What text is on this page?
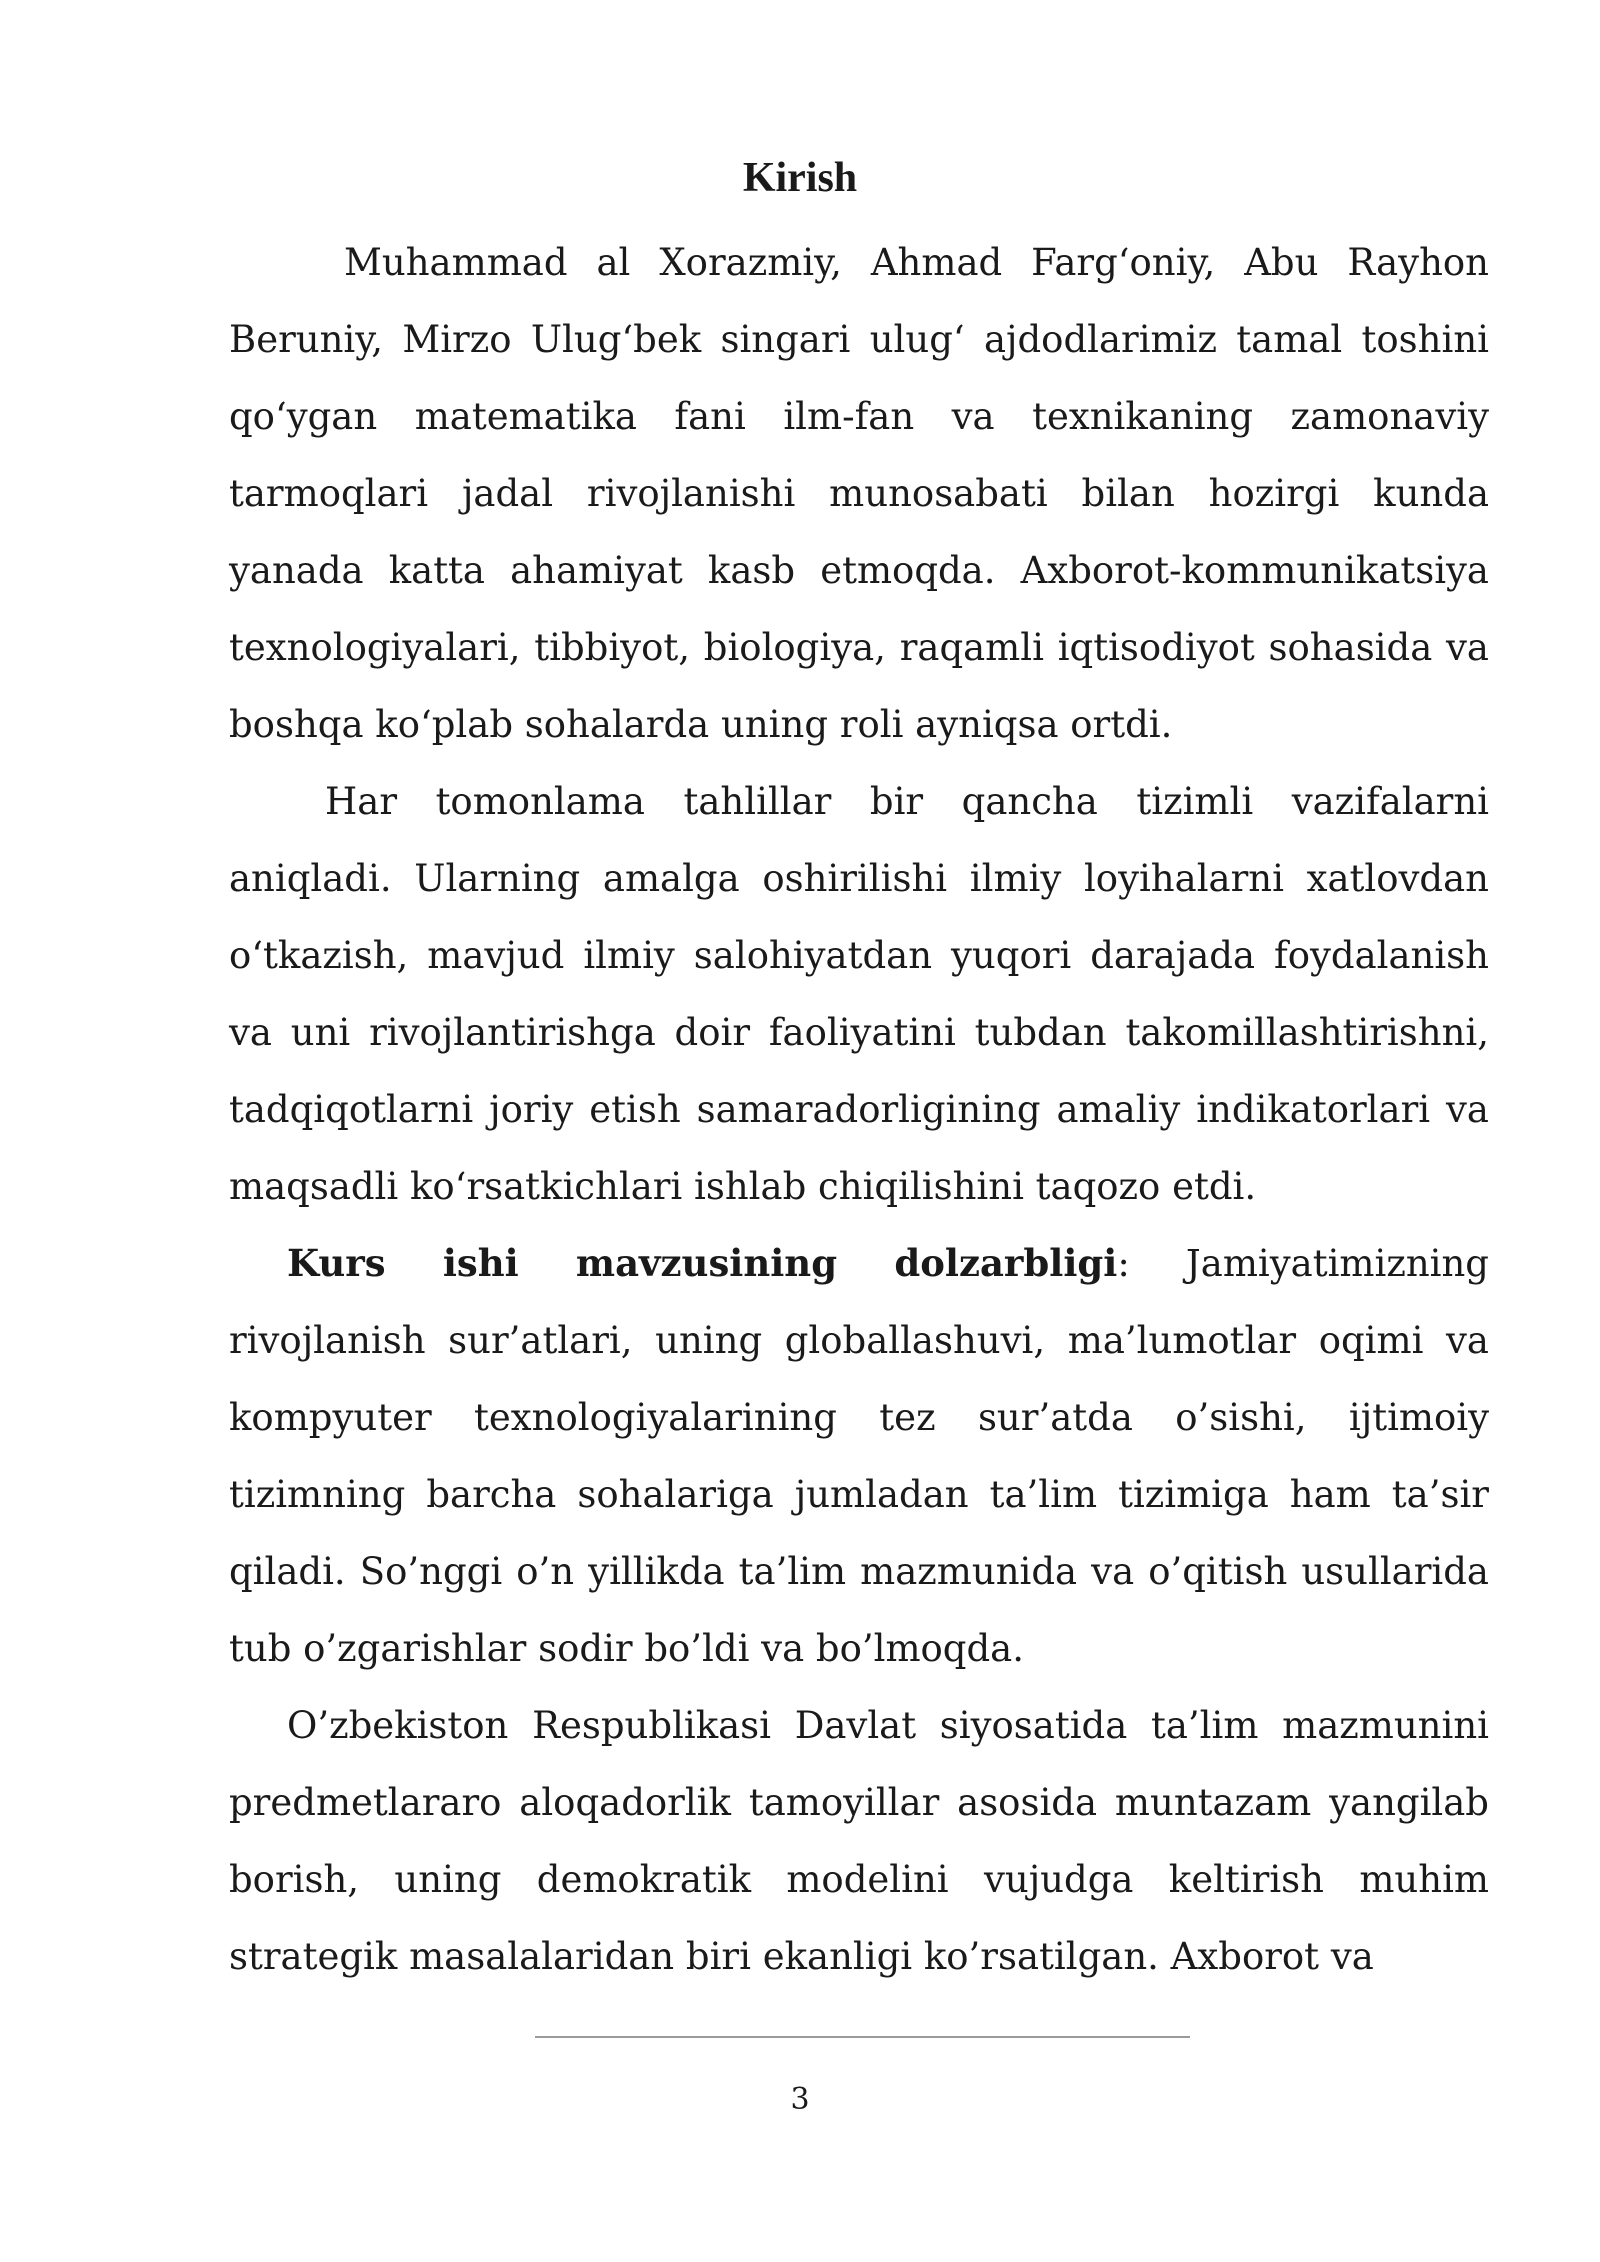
Kirish

Muhammad al Xorazmiy, Ahmad Farg‘oniy, Abu Rayhon Beruniy, Mirzo Ulug‘bek singari ulug‘ ajdodlarimiz tamal toshini qo‘ygan matematika fani ilm-fan va texnikaning zamonaviy tarmoqlari jadal rivojlanishi munosabati bilan hozirgi kunda yanada katta ahamiyat kasb etmoqda. Axborot-kommunikatsiya texnologiyalari, tibbiyot, biologiya, raqamli iqtisodiyot sohasida va boshqa ko‘plab sohalarda uning roli ayniqsa ortdi.

Har tomonlama tahlillar bir qancha tizimli vazifalarni aniqladi. Ularning amalga oshirilishi ilmiy loyihalarni xatlovdan o‘tkazish, mavjud ilmiy salohiyatdan yuqori darajada foydalanish va uni rivojlantirishga doir faoliyatini tubdan takomillashtirishni, tadqiqotlarni joriy etish samaradorligining amaliy indikatorlari va maqsadli ko‘rsatkichlari ishlab chiqilishini taqozo etdi.

Kurs ishi mavzusining dolzarbligi: Jamiyatimizning rivojlanish sur’atlari, uning globallashuvi, ma’lumotlar oqimi va kompyuter texnologiyalarining tez sur’atda o’sishi, ijtimoiy tizimning barcha sohalariga jumladan ta’lim tizimiga ham ta’sir qiladi. So’nggi o’n yillikda ta’lim mazmunida va o’qitish usullarida tub o’zgarishlar sodir bo’ldi va bo’lmoqda.

O’zbekiston Respublikasi Davlat siyosatida ta’lim mazmunini predmetlararo aloqadorlik tamoyillar asosida muntazam yangilab borish, uning demokratik modelini vujudga keltirish muhim strategik masalalaridan biri ekanligi ko’rsatilgan. Axborot va

3
